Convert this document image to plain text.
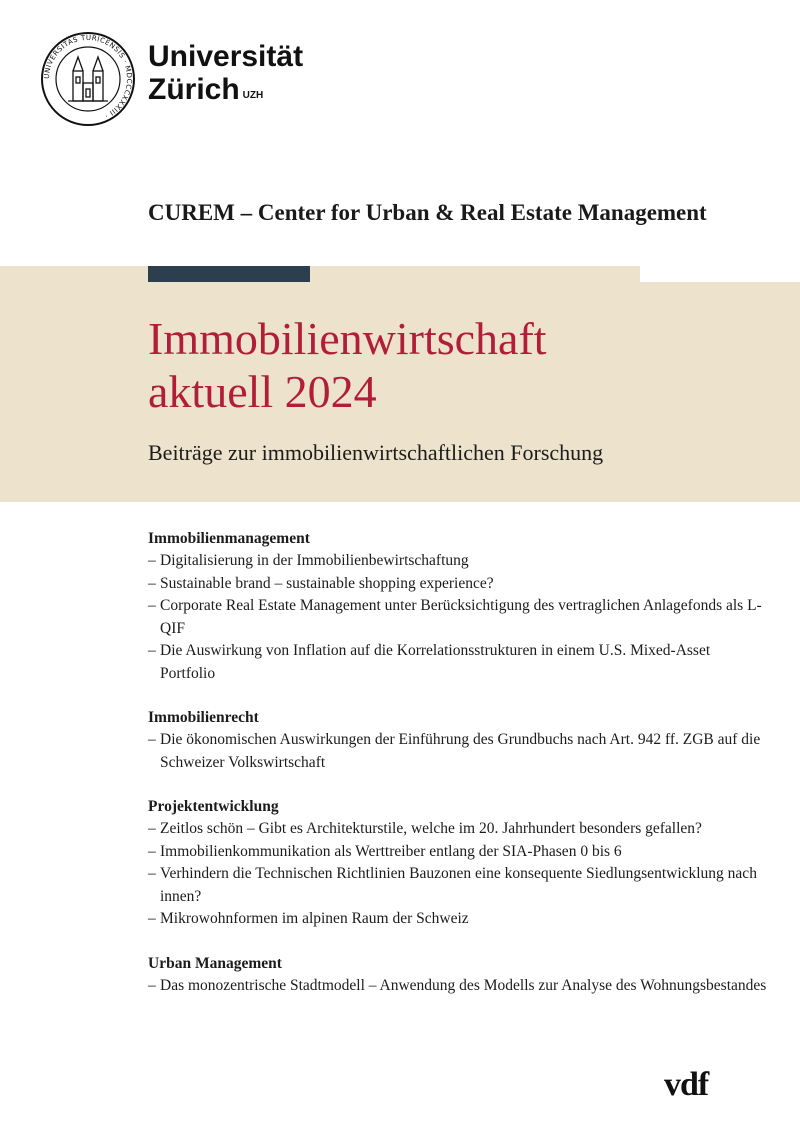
UNIVERSITAS TURICENSIS · MDCCCXXXIII ·
Universität
Zürich $^{UZH}$
CUREM – Center for Urban & Real Estate Management
Immobilienwirtschaft
aktuell 2024
Beiträge zur immobilienwirtschaftlichen Forschung
Immobilienmanagement
– Digitalisierung in der Immobilienbewirtschaftung
– Sustainable brand – sustainable shopping experience?
– Corporate Real Estate Management unter Berücksichtigung des vertraglichen Anlagefonds als L-QIF
– Die Auswirkung von Inflation auf die Korrelationsstrukturen in einem U.S. Mixed-Asset Portfolio
Immobilienrecht
– Die ökonomischen Auswirkungen der Einführung des Grundbuchs nach Art. 942 ff. ZGB auf die Schweizer Volkswirtschaft
Projektentwicklung
– Zeitlos schön – Gibt es Architekturstile, welche im 20. Jahrhundert besonders gefallen?
– Immobilienkommunikation als Werttreiber entlang der SIA-Phasen 0 bis 6
– Verhindern die Technischen Richtlinien Bauzonen eine konsequente Siedlungsentwicklung nach innen?
– Mikrowohnformen im alpinen Raum der Schweiz
Urban Management
– Das monozentrische Stadtmodell – Anwendung des Modells zur Analyse des Wohnungsbestandes
vdf
